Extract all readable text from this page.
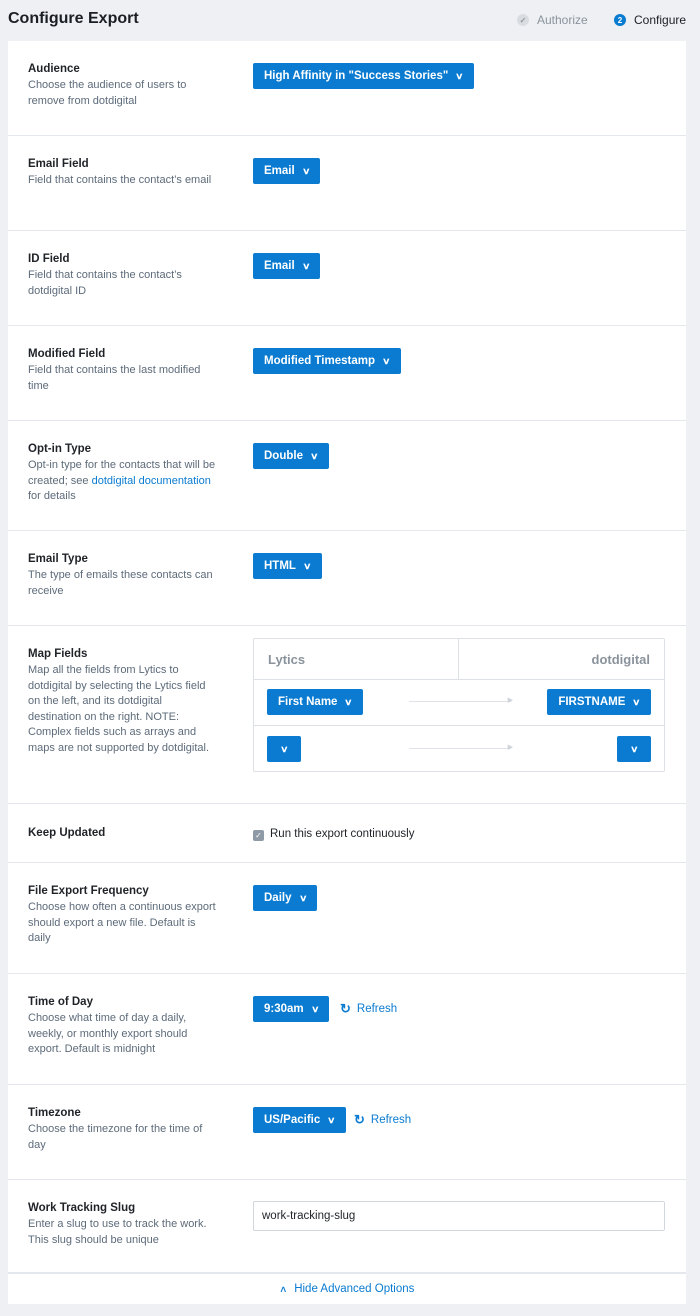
Configure Export	✓ Authorize	2 Configure
Audience
Choose the audience of users to remove from dotdigital
High Affinity in "Success Stories" ∨
Email Field
Field that contains the contact’s email
Email ∨
ID Field
Field that contains the contact’s dotdigital ID
Email ∨
Modified Field
Field that contains the last modified time
Modified Timestamp ∨
Opt-in Type
Opt-in type for the contacts that will be created; see dotdigital documentation for details
Double ∨
Email Type
The type of emails these contacts can receive
HTML ∨
Map Fields
Map all the fields from Lytics to dotdigital by selecting the Lytics field on the left, and its dotdigital destination on the right. NOTE: Complex fields such as arrays and maps are not supported by dotdigital.
Lytics	dotdigital
First Name ∨	▶	FIRSTNAME ∨
∨	▶	∨
Keep Updated	✓ Run this export continuously
File Export Frequency
Choose how often a continuous export should export a new file. Default is daily
Daily ∨
Time of Day
Choose what time of day a daily, weekly, or monthly export should export. Default is midnight
9:30am ∨ ↻ Refresh
Timezone
Choose the timezone for the time of day
US/Pacific ∨ ↻ Refresh
Work Tracking Slug
Enter a slug to use to track the work. This slug should be unique
work-tracking-slug
∧ Hide Advanced Options
